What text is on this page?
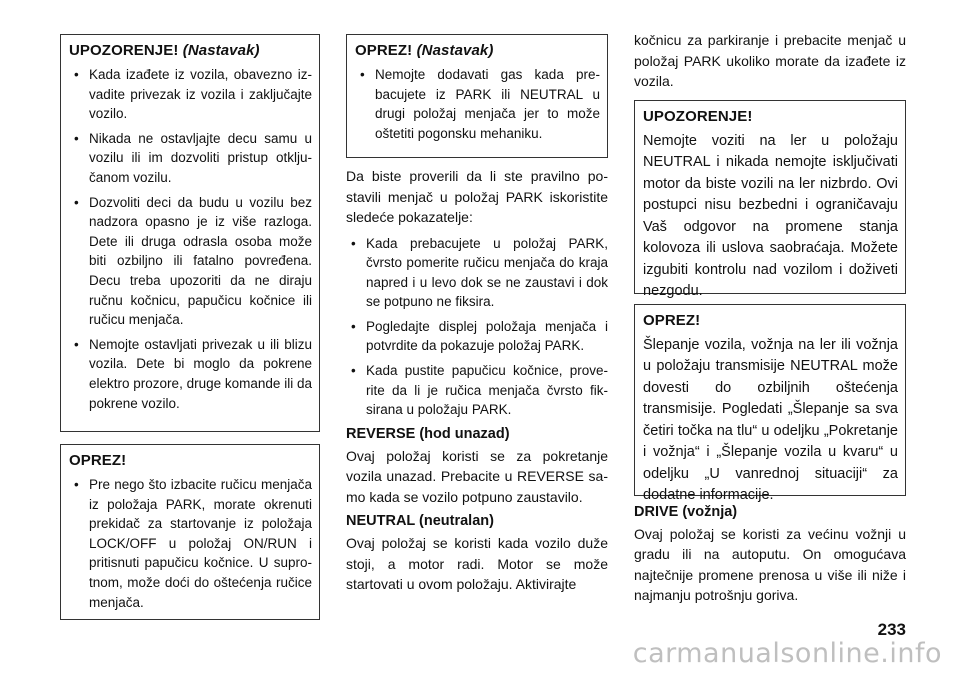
UPOZORENJE! (Nastavak)
• Kada izađete iz vozila, obavezno izvadite privezak iz vozila i zaključajte vozilo.
• Nikada ne ostavljajte decu samu u vozilu ili im dozvoliti pristup otključanom vozilu.
• Dozvoliti deci da budu u vozilu bez nadzora opasno je iz više razloga. Dete ili druga odrasla osoba može biti ozbiljno ili fatalno povređena. Decu treba upozoriti da ne diraju ručnu kočnicu, papučicu kočnice ili ručicu menjača.
• Nemojte ostavljati privezak u ili blizu vozila. Dete bi moglo da pokrene elektro prozore, druge komande ili da pokrene vozilo.
OPREZ!
• Pre nego što izbacite ručicu menjača iz položaja PARK, morate okrenuti prekidač za startovanje iz položaja LOCK/OFF u položaj ON/RUN i pritisnuti papučicu kočnice. U suprotnom, može doći do oštećenja ručice menjača.
OPREZ! (Nastavak)
• Nemojte dodavati gas kada prebacujete iz PARK ili NEUTRAL u drugi položaj menjača jer to može oštetiti pogonsku mehaniku.

Da biste proverili da li ste pravilno postavili menjač u položaj PARK iskoristite sledeće pokazatelje:

• Kada prebacujete u položaj PARK, čvrsto pomerite ručicu menjača do kraja napred i u levo dok se ne zaustavi i dok se potpuno ne fiksira.
• Pogledajte displej položaja menjača i potvrdite da pokazuje položaj PARK.
• Kada pustite papučicu kočnice, proverite da li je ručica menjača čvrsto fiksirana u položaju PARK.
REVERSE (hod unazad)

Ovaj položaj koristi se za pokretanje vozila unazad. Prebacite u REVERSE samo kada se vozilo potpuno zaustavilo.

NEUTRAL (neutralan)

Ovaj položaj se koristi kada vozilo duže stoji, a motor radi. Motor se može startovati u ovom položaju. Aktivirajte

kočnicu za parkiranje i prebacite menjač u položaj PARK ukoliko morate da izađete iz vozila.

UPOZORENJE!

Nemojte voziti na ler u položaju NEUTRAL i nikada nemojte isključivati motor da biste vozili na ler nizbrdo. Ovi postupci nisu bezbedni i ograničavaju Vaš odgovor na promene stanja kolovoza ili uslova saobraćaja. Možete izgubiti kontrolu nad vozilom i doživeti nezgodu.

OPREZ!

Šlepanje vozila, vožnja na ler ili vožnja u položaju transmisije NEUTRAL može dovesti do ozbiljnih oštećenja transmisije. Pogledati „Šlepanje sa sva četiri točka na tlu“ u odeljku „Pokretanje i vožnja“ i „Šlepanje vozila u kvaru“ u odeljku „U vanrednoj situaciji“ za dodatne informacije.

DRIVE (vožnja)

Ovaj položaj se koristi za većinu vožnji u gradu ili na autoputu. On omogućava najtečnije promene prenosa u više ili niže i najmanju potrošnju goriva.

233
carmanualsonline.info
